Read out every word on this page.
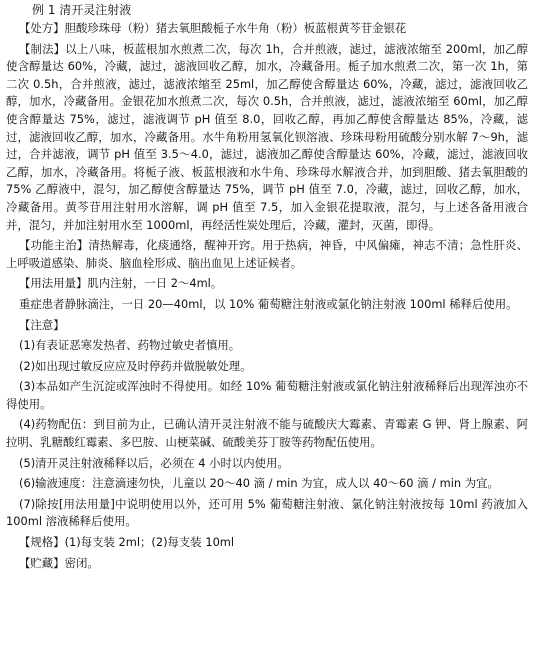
例 1 清开灵注射液

【处方】胆酸珍珠母（粉）猪去氧胆酸栀子水牛角（粉）板蓝根黄芩苷金银花

【制法】以上八味，板蓝根加水煎煮二次，每次 1h，合并煎液，滤过，滤液浓缩至 200ml，加乙醇使含醇量达 60%，冷藏，滤过，滤液回收乙醇，加水，冷藏备用。栀子加水煎煮二次，第一次 1h，第二次 0.5h，合并煎液，滤过，滤液浓缩至 25ml，加乙醇使含醇量达 60%，冷藏，滤过，滤液回收乙醇，加水，冷藏备用。金银花加水煎煮二次，每次 0.5h，合并煎液，滤过，滤液浓缩至 60ml，加乙醇使含醇量达 75%，滤过，滤液调节 pH 值至 8.0，回收乙醇，再加乙醇使含醇量达 85%，冷藏，滤过，滤液回收乙醇，加水，冷藏备用。水牛角粉用氢氧化钡溶液、珍珠母粉用硫酸分别水解 7～9h，滤过，合并滤液，调节 pH 值至 3.5～4.0，滤过，滤液加乙醇使含醇量达 60%，冷藏，滤过，滤液回收乙醇，加水，冷藏备用。将栀子液、板蓝根液和水牛角、珍珠母水解液合并，加到胆酸、猪去氧胆酸的 75% 乙醇液中，混匀，加乙醇使含醇量达 75%，调节 pH 值至 7.0，冷藏，滤过，回收乙醇，加水，冷藏备用。黄芩苷用注射用水溶解，调 pH 值至 7.5，加入金银花提取液，混匀，与上述各备用液合并，混匀，并加注射用水至 1000ml，再经活性炭处理后，冷藏，灌封，灭菌，即得。

【功能主治】清热解毒，化痰通络，醒神开窍。用于热病，神昏，中风偏瘫，神志不清；急性肝炎、上呼吸道感染、肺炎、脑血栓形成、脑出血见上述证候者。

【用法用量】肌内注射，一日 2～4ml。

重症患者静脉滴注，一日 20—40ml，以 10% 葡萄糖注射液或氯化钠注射液 100ml 稀释后使用。

【注意】

(1)有表证恶寒发热者、药物过敏史者慎用。

(2)如出现过敏反应应及时停药并做脱敏处理。

(3)本品如产生沉淀或浑浊时不得使用。如经 10% 葡萄糖注射液或氯化钠注射液稀释后出现浑浊亦不得使用。

(4)药物配伍：到目前为止，已确认清开灵注射液不能与硫酸庆大霉素、青霉素 G 钾、肾上腺素、阿拉明、乳糖酸红霉素、多巴胺、山梗菜碱、硫酸美芬丁胺等药物配伍使用。

(5)清开灵注射液稀释以后，必须在 4 小时以内使用。

(6)输液速度：注意滴速勿快，儿童以 20～40 滴 / min 为宜，成人以 40～60 滴 / min 为宜。

(7)除按[用法用量]中说明使用以外，还可用 5% 葡萄糖注射液、氯化钠注射液按每 10ml 药液加入 100ml 溶液稀释后使用。

【规格】(1)每支装 2ml；(2)每支装 10ml

【贮藏】密闭。
